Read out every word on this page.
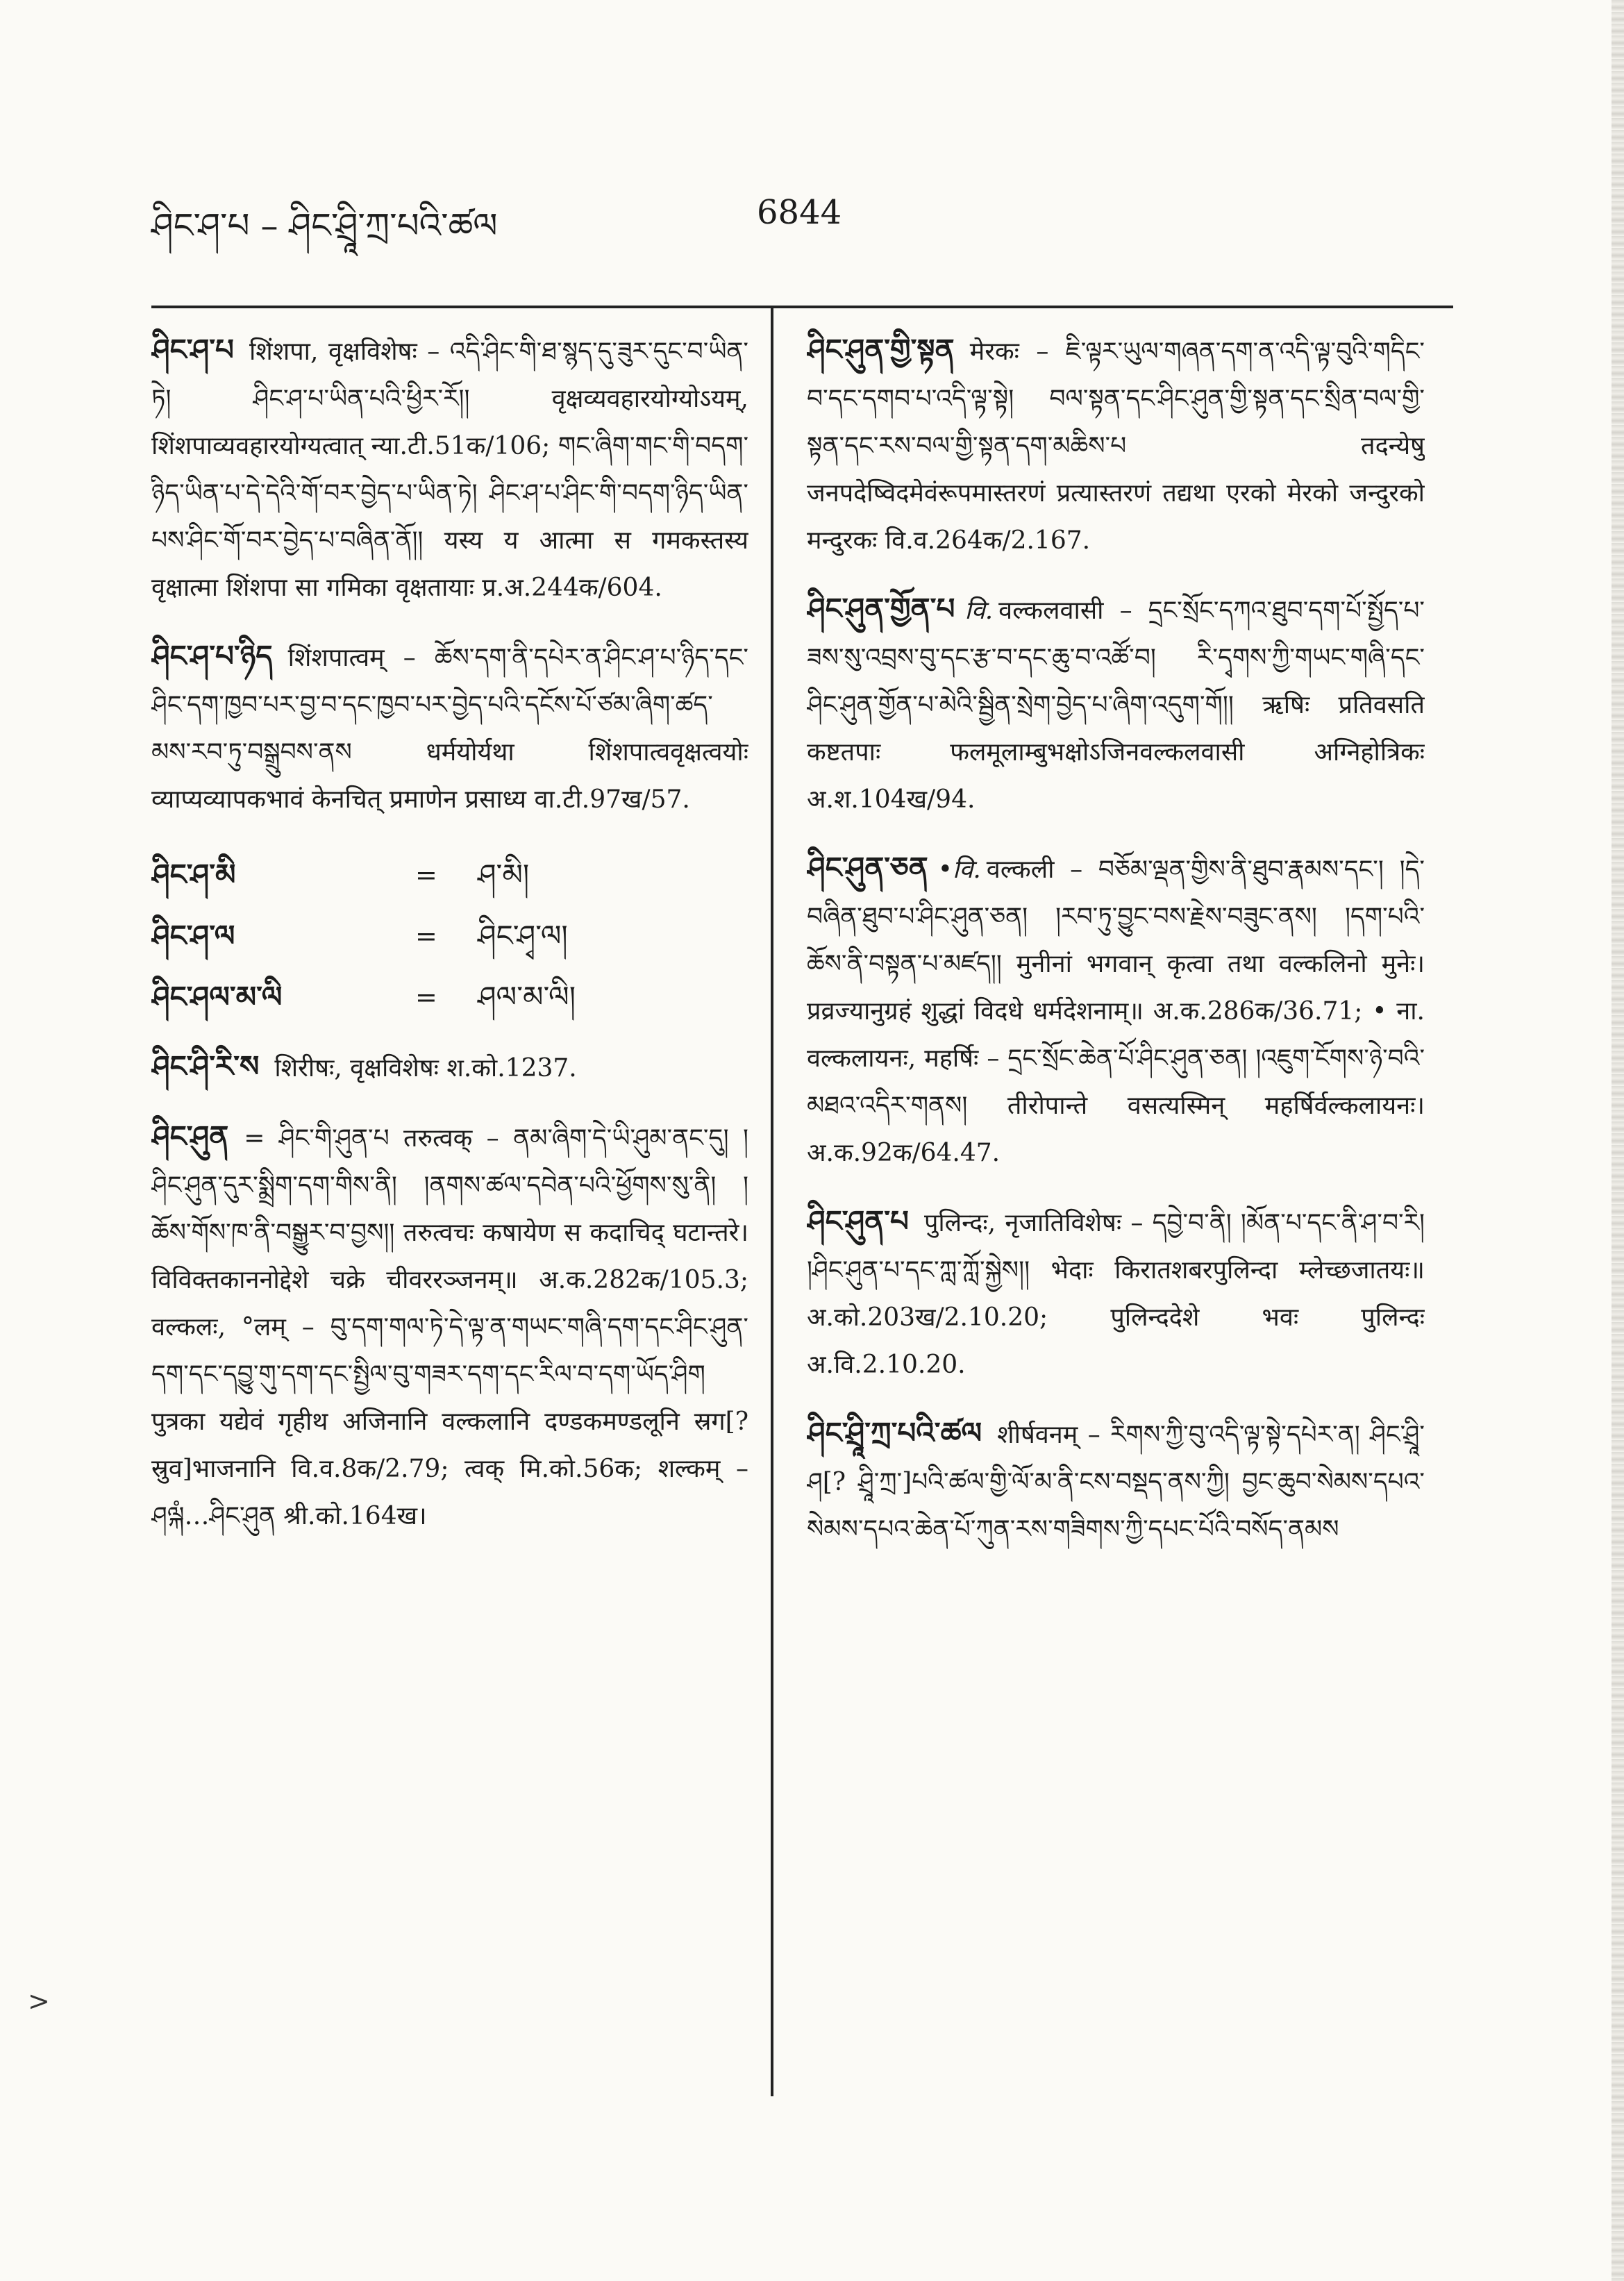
ཤིང་ཤ་པ – ཤིང་ཤྲཱི་ཀྲ་པའི་ཚལ	6844
ཤིང་ཤ་པ शिंशपा, वृक्षविशेषः – འདི་ཤིང་གི་ཐ་སྙད་དུ་ཟུར་དུང་བ་ཡིན་ཏེ། ཤིང་ཤ་པ་ཡིན་པའི་ཕྱིར་རོ།། वृक्षव्यवहारयोग्योऽयम्, शिंशपाव्यवहारयोग्यत्वात् न्या.टी.51क/106; གང་ཞིག་གང་གི་བདག་ཉིད་ཡིན་པ་དེ་དེའི་གོ་བར་བྱེད་པ་ཡིན་ཏེ། ཤིང་ཤ་པ་ཤིང་གི་བདག་ཉིད་ཡིན་པས་ཤིང་གོ་བར་བྱེད་པ་བཞིན་ནོ།། यस्य य आत्मा स गमकस्तस्य वृक्षात्मा शिंशपा सा गमिका वृक्षतायाः प्र.अ.244क/604.
ཤིང་ཤ་པ་ཉིད शिंशपात्वम् – ཆོས་དག་ནི་དཔེར་ན་ཤིང་ཤ་པ་ཉིད་དང་ཤིང་དག་ཁྱབ་པར་བྱ་བ་དང་ཁྱབ་པར་བྱེད་པའི་དངོས་པོ་ཙམ་ཞིག་ཚད་མས་རབ་ཏུ་བསྒྲུབས་ནས धर्मयोर्यथा शिंशपात्ववृक्षत्वयोः व्याप्यव्यापकभावं केनचित् प्रमाणेन प्रसाध्य वा.टी.97ख/57.
ཤིང་ཤ་མི	=	ཤ་མི།
ཤིང་ཤ་ལ	=	ཤིང་ཤྭ་ལ།
ཤིང་ཤལ་མ་ལི	=	ཤལ་མ་ལི།
ཤིང་ཤི་རི་ས शिरीषः, वृक्षविशेषः श.को.1237.
ཤིང་ཤུན = ཤིང་གི་ཤུན་པ तरुत्वक् – ནམ་ཞིག་དེ་ཡི་ཤུམ་ནང་དུ། །ཤིང་ཤུན་དུར་སྨྲིག་དག་གིས་ནི། །ནགས་ཚལ་དབེན་པའི་ཕྱོགས་སུ་ནི། །ཆོས་གོས་ཁ་ནི་བསྒྱུར་བ་བྱས།། तरुत्वचः कषायेण स कदाचिद् घटान्तरे। विविक्तकाननोद्देशे चक्रे चीवररञ्जनम्॥ अ.क.282क/105.3; वल्कलः, °लम् – བུ་དག་གལ་ཏེ་དེ་ལྟ་ན་གཡང་གཞི་དག་དང་ཤིང་ཤུན་དག་དང་དབྱུ་གུ་དག་དང་སྤྱིལ་བུ་གཟར་དག་དང་རིལ་བ་དག་ཡོད་ཤིག पुत्रका यद्येवं गृहीथ अजिनानि वल्कलानि दण्डकमण्डलूनि स्रग[? स्रुव]भाजनानि वि.व.8क/2.79; त्वक् मि.को.56क; शल्कम् – ཤལྐཾ…ཤིང་ཤུན श्री.को.164ख।
ཤིང་ཤུན་གྱི་སྟན मेरकः – ཇི་ལྟར་ཡུལ་གཞན་དག་ན་འདི་ལྟ་བུའི་གདིང་བ་དང་དགབ་པ་འདི་ལྟ་སྟེ། བལ་སྟན་དང་ཤིང་ཤུན་གྱི་སྟན་དང་སྲིན་བལ་གྱི་སྟན་དང་རས་བལ་གྱི་སྟན་དག་མཆིས་པ तदन्येषु जनपदेष्विदमेवंरूपमास्तरणं प्रत्यास्तरणं तद्यथा एरको मेरको जन्दुरको मन्दुरकः वि.व.264क/2.167.
ཤིང་ཤུན་གྱོན་པ वि. वल्कलवासी – དྲང་སྲོང་དཀའ་ཐུབ་དག་པོ་སྤྱོད་པ་ཟས་སུ་འབྲས་བུ་དང་རྩ་བ་དང་ཆུ་བ་འཚོ་བ། རི་དྭགས་ཀྱི་གཡང་གཞི་དང་ཤིང་ཤུན་གྱོན་པ་མེའི་སྦྱིན་སྲེག་བྱེད་པ་ཞིག་འདུག་གོ།། ऋषिः प्रतिवसति कष्टतपाः फलमूलाम्बुभक्षोऽजिनवल्कलवासी अग्निहोत्रिकः अ.श.104ख/94.
ཤིང་ཤུན་ཅན •वि. वल्कली – བཅོམ་ལྡན་གྱིས་ནི་ཐུབ་རྣམས་དང་། །དེ་བཞིན་ཐུབ་པ་ཤིང་ཤུན་ཅན། །རབ་ཏུ་བྱུང་བས་རྗེས་བཟུང་ནས། །དག་པའི་ཆོས་ནི་བསྟན་པ་མཛད།། मुनीनां भगवान् कृत्वा तथा वल्कलिनो मुनेः। प्रव्रज्यानुग्रहं शुद्धां विदधे धर्मदेशनाम्॥ अ.क.286क/36.71; • ना. वल्कलायनः, महर्षिः – དྲང་སྲོང་ཆེན་པོ་ཤིང་ཤུན་ཅན། །འཇུག་ངོགས་ཉེ་བའི་མཐའ་འདིར་གནས། तीरोपान्ते वसत्यस्मिन् महर्षिर्वल्कलायनः। अ.क.92क/64.47.
ཤིང་ཤུན་པ पुलिन्दः, नृजातिविशेषः – དབྱེ་བ་ནི། །མོན་པ་དང་ནི་ཤ་བ་རི། །ཤིང་ཤུན་པ་དང་ཀླ་ཀློ་སྐྱེས།། भेदाः किरातशबरपुलिन्दा म्लेच्छजातयः॥ अ.को.203ख/2.10.20; पुलिन्ददेशे भवः पुलिन्दः अ.वि.2.10.20.
ཤིང་ཤྲཱི་ཀྲ་པའི་ཚལ शीर्षवनम् – རིགས་ཀྱི་བུ་འདི་ལྟ་སྟེ་དཔེར་ན། ཤིང་ཤྲཱི་ཤ[? ཤྲཱི་ཀྲ་]པའི་ཚལ་གྱི་ལོ་མ་ནི་ངས་བསྡད་ནས་ཀྱི། བྱང་ཆུབ་སེམས་དཔའ་སེམས་དཔའ་ཆེན་པོ་ཀུན་རས་གཟིགས་ཀྱི་དཔང་པོའི་བསོད་ནམས
>
